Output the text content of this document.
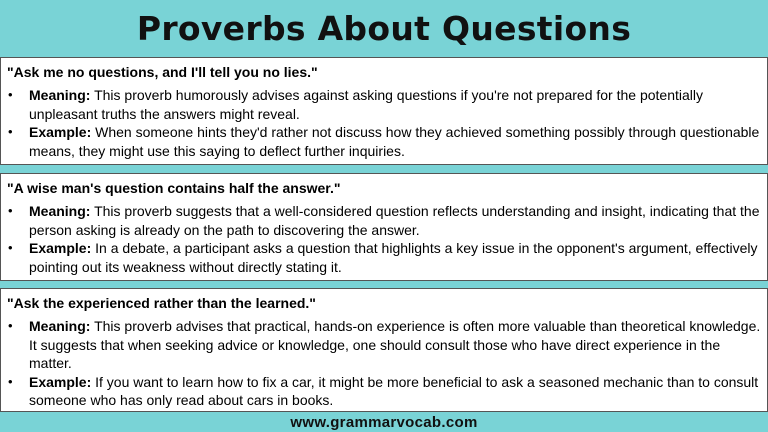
Proverbs About Questions
"Ask me no questions, and I'll tell you no lies."
• Meaning: This proverb humorously advises against asking questions if you're not prepared for the potentially unpleasant truths the answers might reveal.
• Example: When someone hints they'd rather not discuss how they achieved something possibly through questionable means, they might use this saying to deflect further inquiries.
"A wise man's question contains half the answer."
• Meaning: This proverb suggests that a well-considered question reflects understanding and insight, indicating that the person asking is already on the path to discovering the answer.
• Example: In a debate, a participant asks a question that highlights a key issue in the opponent's argument, effectively pointing out its weakness without directly stating it.
"Ask the experienced rather than the learned."
• Meaning: This proverb advises that practical, hands-on experience is often more valuable than theoretical knowledge. It suggests that when seeking advice or knowledge, one should consult those who have direct experience in the matter.
• Example: If you want to learn how to fix a car, it might be more beneficial to ask a seasoned mechanic than to consult someone who has only read about cars in books.
www.grammarvocab.com
